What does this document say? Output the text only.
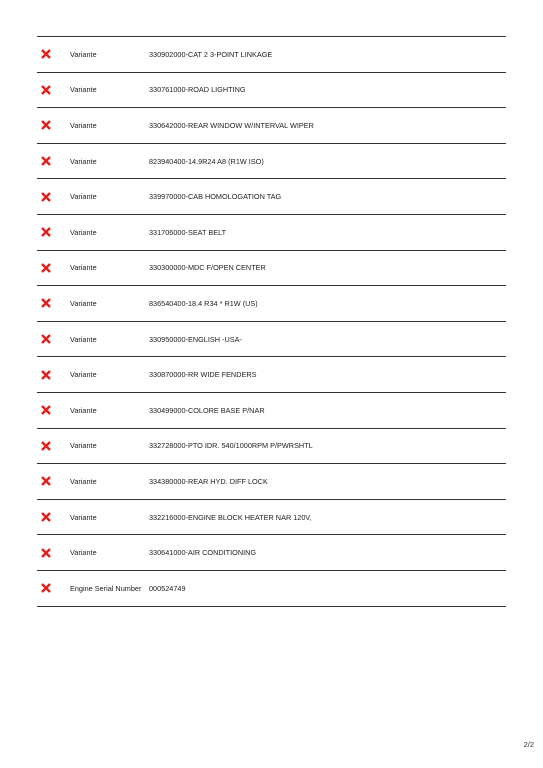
Variante	330902000-CAT 2 3-POINT LINKAGE
Variante	330761000-ROAD LIGHTING
Variante	330642000-REAR WINDOW W/INTERVAL WIPER
Variante	823940400-14.9R24 A8 (R1W ISO)
Variante	339970000-CAB HOMOLOGATION TAG
Variante	331706000-SEAT BELT
Variante	330300000-MDC F/OPEN CENTER
Variante	836540400-18.4 R34 * R1W (US)
Variante	330950000-ENGLISH -USA-
Variante	330870000-RR WIDE FENDERS
Variante	330499000-COLORE BASE P/NAR
Variante	332728000-PTO IDR. 540/1000RPM P/PWRSHTL
Variante	334380000-REAR HYD. DIFF LOCK
Variante	332216000-ENGINE BLOCK HEATER NAR 120V,
Variante	330641000-AIR CONDITIONING
Engine Serial Number 000524749
2/2
